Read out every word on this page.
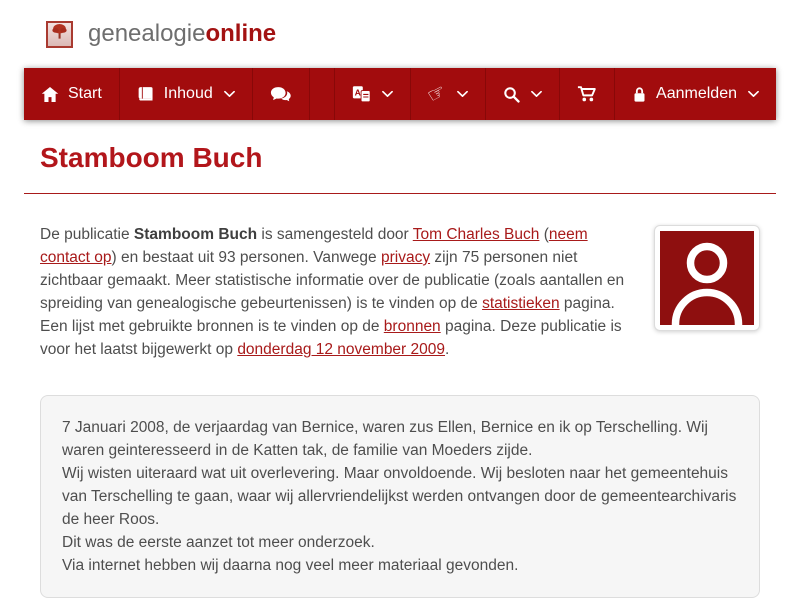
genealogieonline
Start	Inhoud	A	☞	Aanmelden
Stamboom Buch
De publicatie Stamboom Buch is samengesteld door Tom Charles Buch (neem contact op) en bestaat uit 93 personen. Vanwege privacy zijn 75 personen niet zichtbaar gemaakt. Meer statistische informatie over de publicatie (zoals aantallen en spreiding van genealogische gebeurtenissen) is te vinden op de statistieken pagina. Een lijst met gebruikte bronnen is te vinden op de bronnen pagina. Deze publicatie is voor het laatst bijgewerkt op donderdag 12 november 2009.
7 Januari 2008, de verjaardag van Bernice, waren zus Ellen, Bernice en ik op Terschelling. Wij waren geinteresseerd in de Katten tak, de familie van Moeders zijde.
Wij wisten uiteraard wat uit overlevering. Maar onvoldoende. Wij besloten naar het gemeentehuis van Terschelling te gaan, waar wij allervriendelijkst werden ontvangen door de gemeentearchivaris de heer Roos.
Dit was de eerste aanzet tot meer onderzoek.
Via internet hebben wij daarna nog veel meer materiaal gevonden.
